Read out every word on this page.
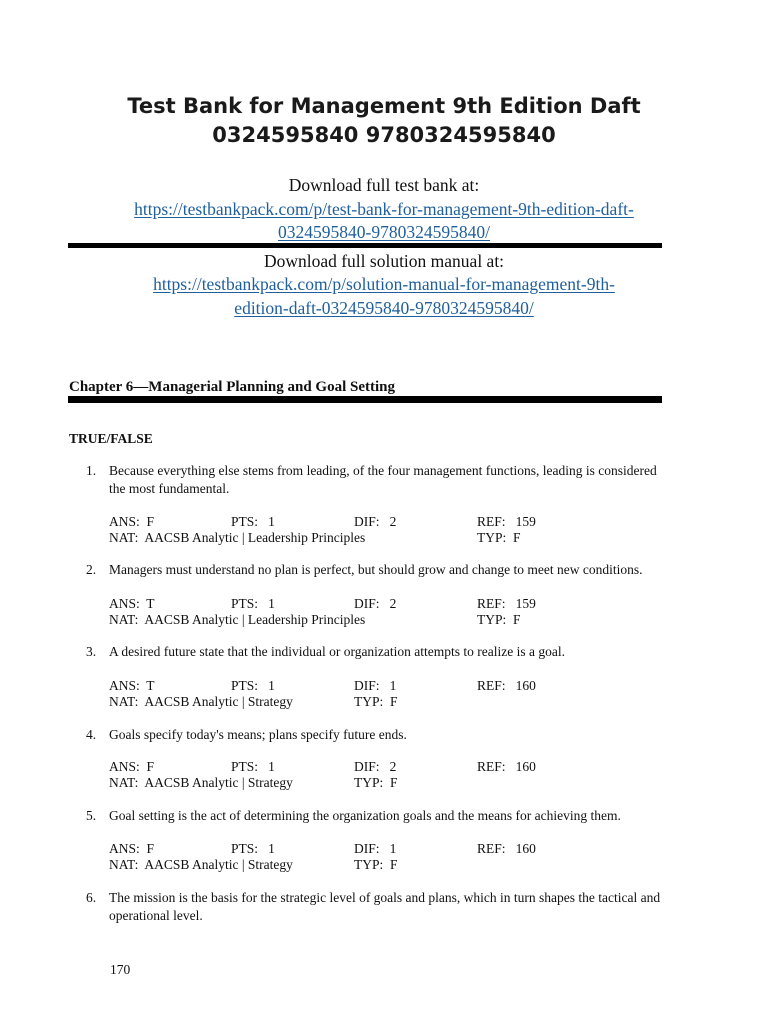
Test Bank for Management 9th Edition Daft
0324595840 9780324595840
Download full test bank at:
https://testbankpack.com/p/test-bank-for-management-9th-edition-daft-
0324595840-9780324595840/
Download full solution manual at:
https://testbankpack.com/p/solution-manual-for-management-9th-
edition-daft-0324595840-9780324595840/
Chapter 6—Managerial Planning and Goal Setting
TRUE/FALSE
1. Because everything else stems from leading, of the four management functions, leading is considered the most fundamental.
ANS:  F	PTS:   1	DIF:   2	REF:   159
NAT:  AACSB Analytic | Leadership Principles	TYP:  F
2. Managers must understand no plan is perfect, but should grow and change to meet new conditions.
ANS:  T	PTS:   1	DIF:   2	REF:   159
NAT:  AACSB Analytic | Leadership Principles	TYP:  F
3. A desired future state that the individual or organization attempts to realize is a goal.
ANS:  T	PTS:   1	DIF:   1	REF:   160
NAT:  AACSB Analytic | Strategy	TYP:  F
4. Goals specify today's means; plans specify future ends.
ANS:  F	PTS:   1	DIF:   2	REF:   160
NAT:  AACSB Analytic | Strategy	TYP:  F
5. Goal setting is the act of determining the organization goals and the means for achieving them.
ANS:  F	PTS:   1	DIF:   1	REF:   160
NAT:  AACSB Analytic | Strategy	TYP:  F
6. The mission is the basis for the strategic level of goals and plans, which in turn shapes the tactical and operational level.
170
